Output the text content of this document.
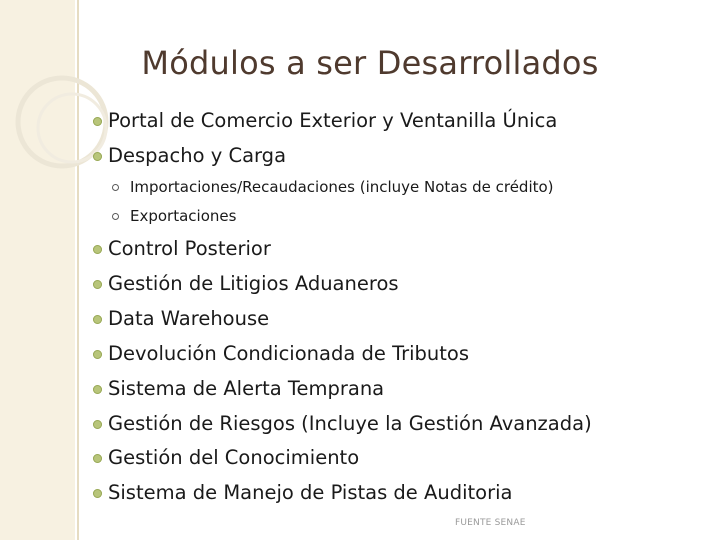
Módulos a ser Desarrollados
Portal de Comercio Exterior y Ventanilla Única
Despacho y Carga
Importaciones/Recaudaciones (incluye Notas de crédito)
Exportaciones
Control Posterior
Gestión de Litigios Aduaneros
Data Warehouse
Devolución Condicionada de Tributos
Sistema de Alerta Temprana
Gestión de Riesgos (Incluye la Gestión Avanzada)
Gestión del Conocimiento
Sistema de Manejo de Pistas de Auditoria
FUENTE SENAE
